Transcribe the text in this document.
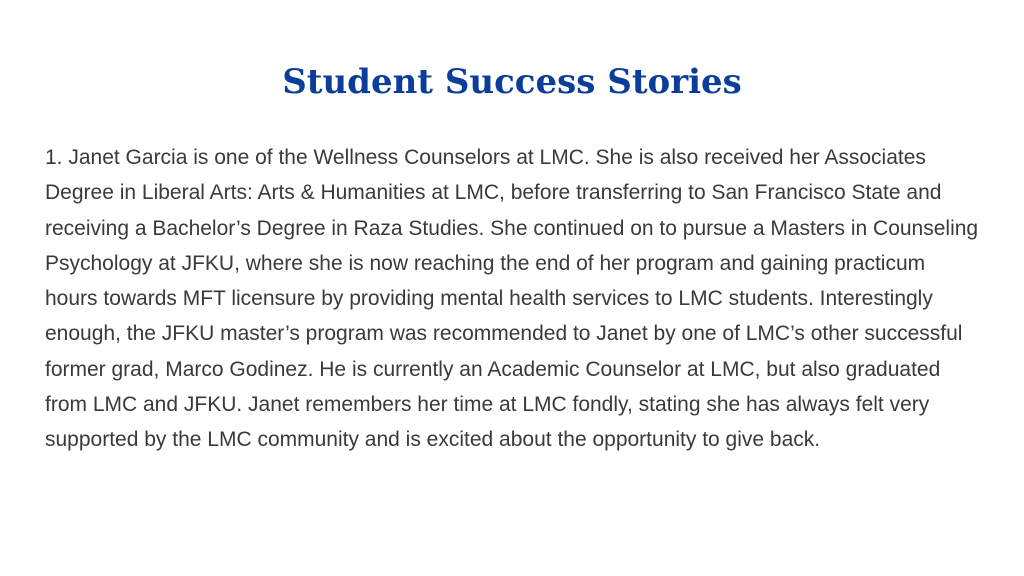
Student Success Stories

1. Janet Garcia is one of the Wellness Counselors at LMC. She is also received her Associates Degree in Liberal Arts: Arts & Humanities at LMC, before transferring to San Francisco State and receiving a Bachelor’s Degree in Raza Studies. She continued on to pursue a Masters in Counseling Psychology at JFKU, where she is now reaching the end of her program and gaining practicum hours towards MFT licensure by providing mental health services to LMC students. Interestingly enough, the JFKU master’s program was recommended to Janet by one of LMC’s other successful former grad, Marco Godinez. He is currently an Academic Counselor at LMC, but also graduated from LMC and JFKU. Janet remembers her time at LMC fondly, stating she has always felt very supported by the LMC community and is excited about the opportunity to give back.
